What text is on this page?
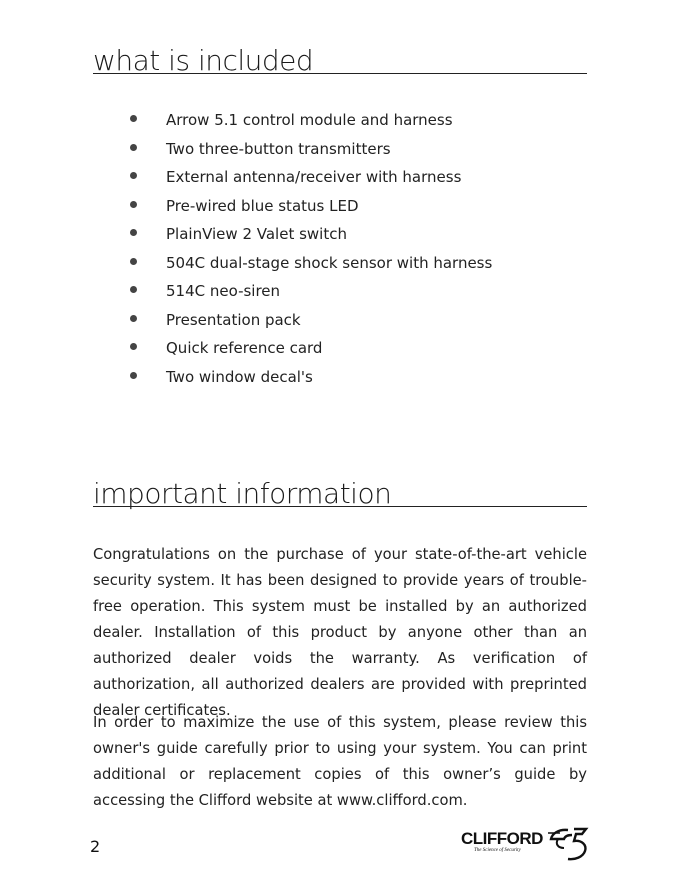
what is included
Arrow 5.1 control module and harness
Two three-button transmitters
External antenna/receiver with harness
Pre-wired blue status LED
PlainView 2 Valet switch
504C dual-stage shock sensor with harness
514C neo-siren
Presentation pack
Quick reference card
Two window decal's
important information

Congratulations on the purchase of your state-of-the-art vehicle security system. It has been designed to provide years of trouble-free operation. This system must be installed by an authorized dealer. Installation of this product by anyone other than an authorized dealer voids the warranty. As verification of authorization, all authorized dealers are provided with preprinted dealer certificates.

In order to maximize the use of this system, please review this owner's guide carefully prior to using your system. You can print additional or replacement copies of this owner’s guide by accessing the Clifford website at www.clifford.com.

2	CLIFFORD
The Science of Security
